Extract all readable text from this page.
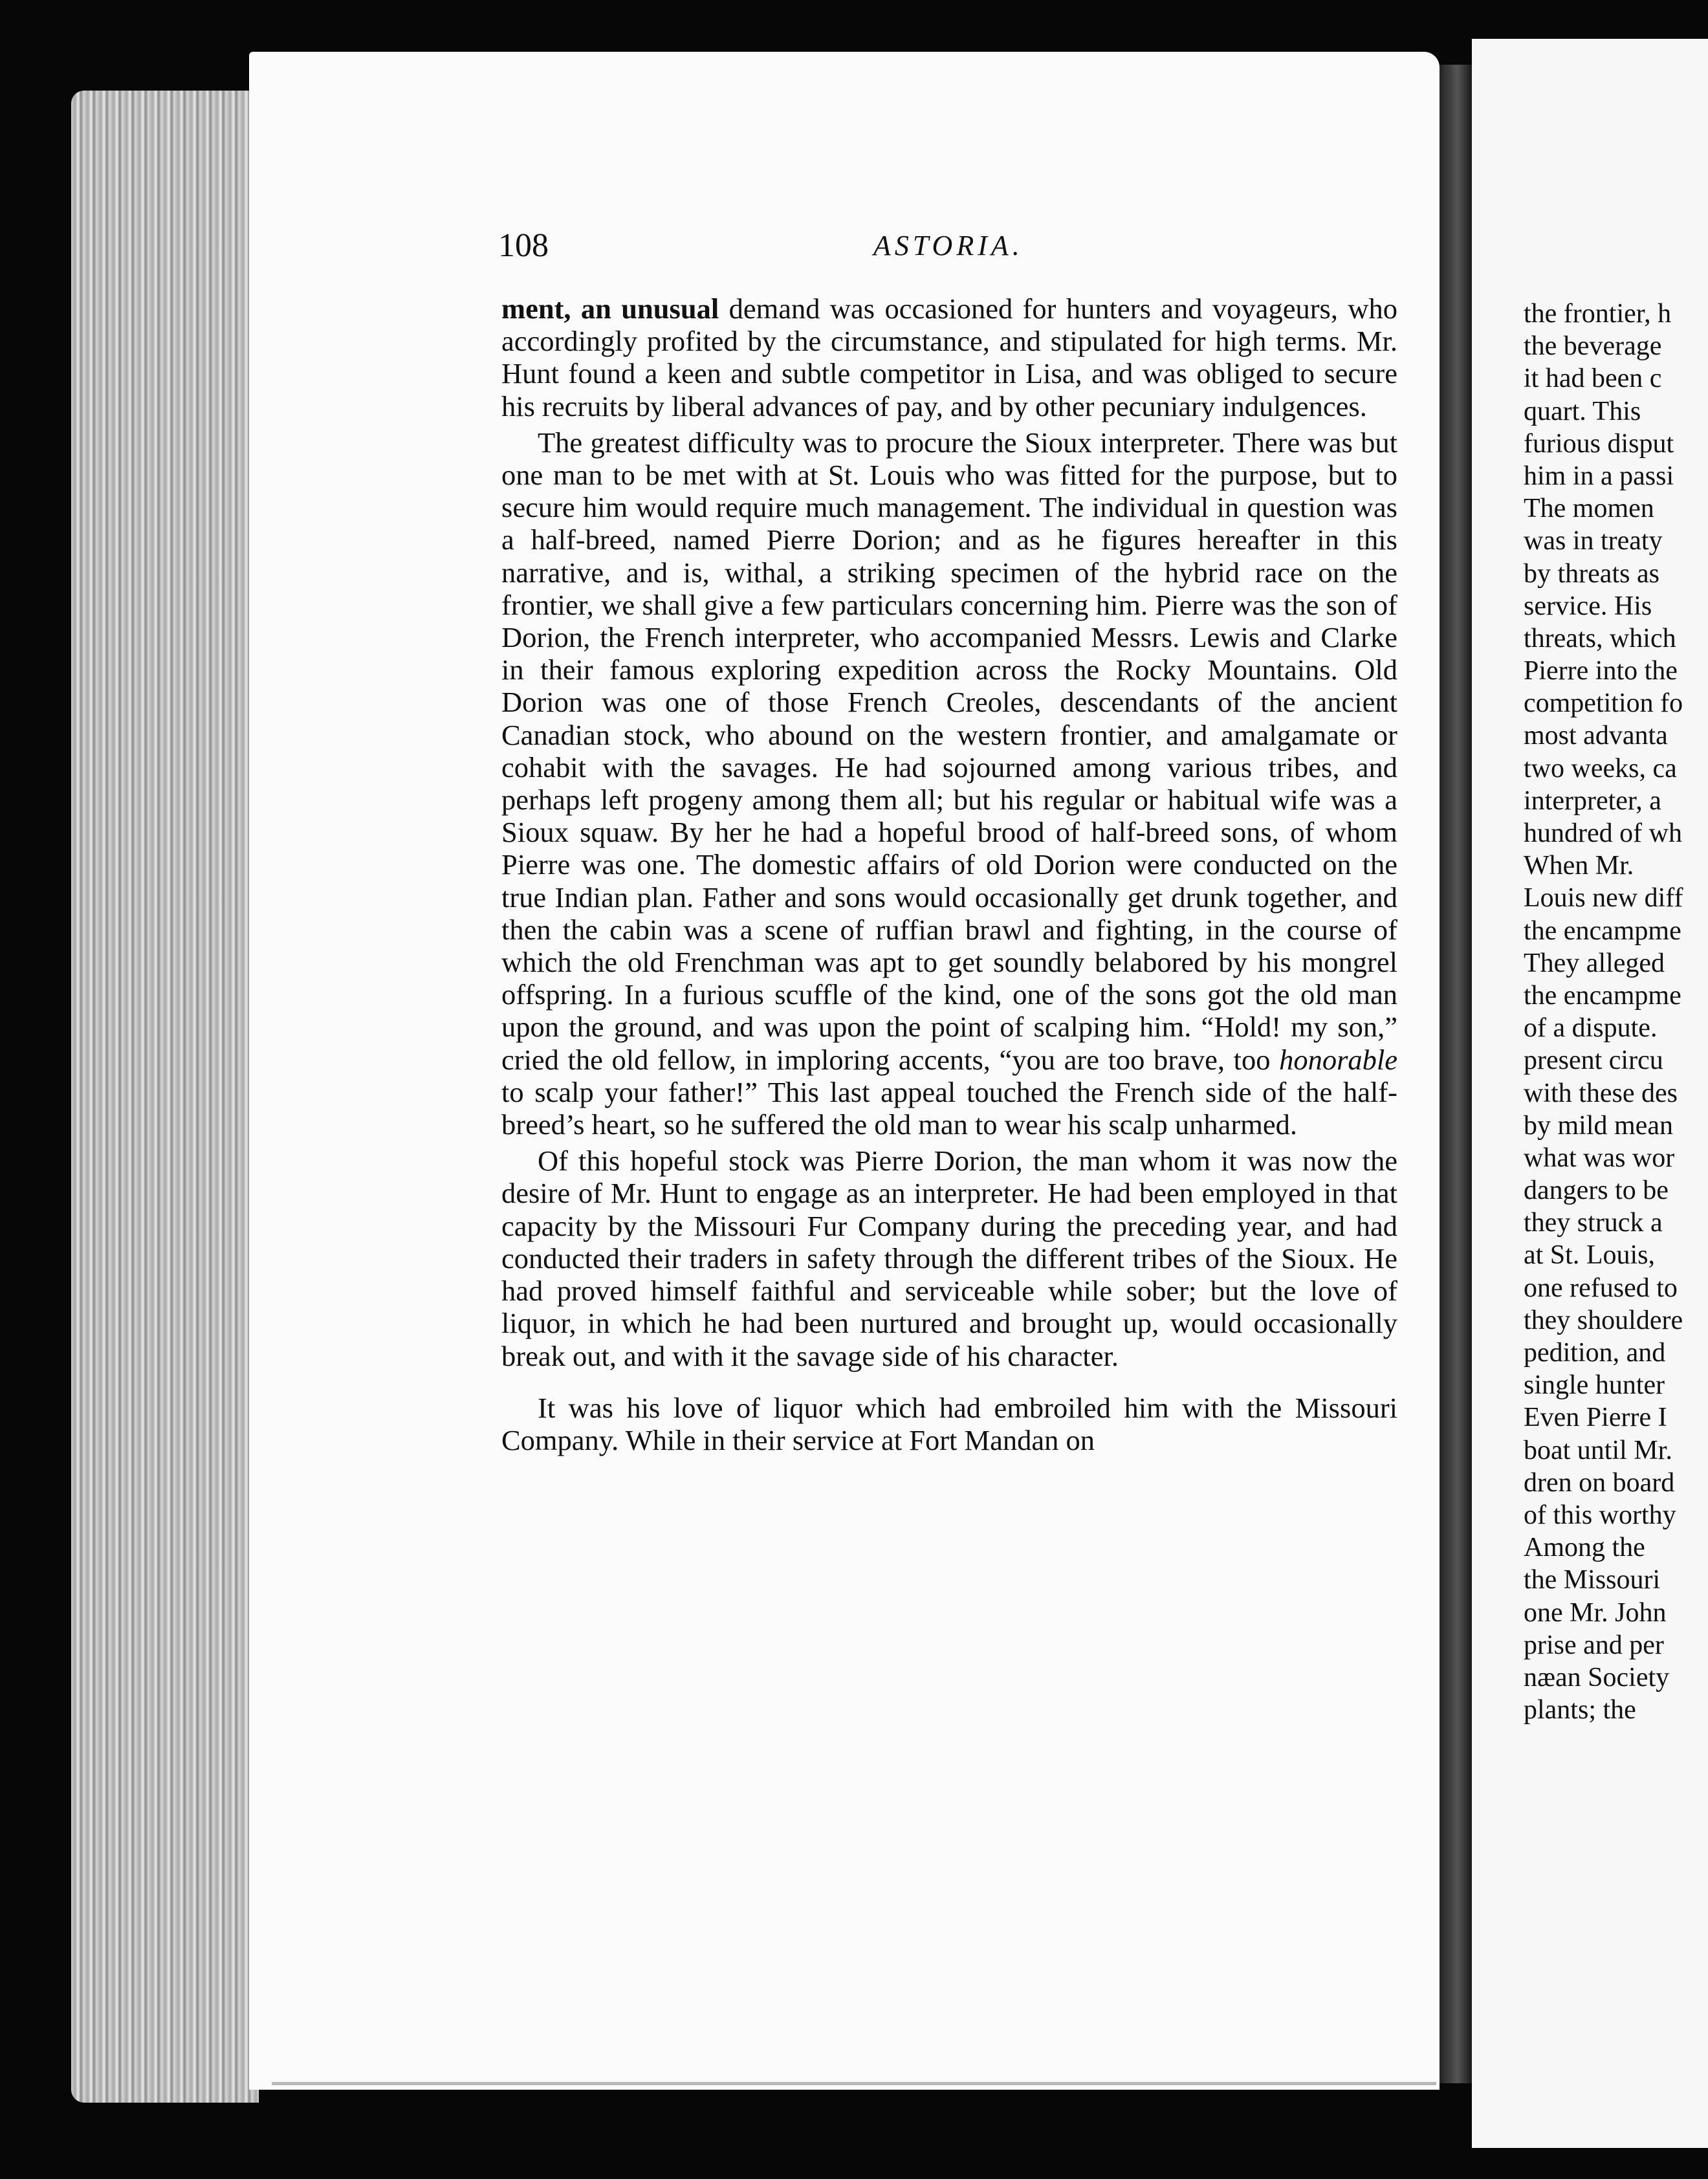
the frontier, h
the beverage
it had been c
quart. This
furious disput
him in a passi
The momen
was in treaty
by threats as
service. His
threats, which
Pierre into the
competition fo
most advanta
two weeks, ca
interpreter, a
hundred of wh
When Mr.
Louis new diff
the encampme
They alleged
the encampme
of a dispute.
present circu
with these des
by mild mean
what was wor
dangers to be
they struck a
at St. Louis,
one refused to
they shouldere
pedition, and
single hunter
Even Pierre I
boat until Mr.
dren on board
of this worthy
Among the
the Missouri
one Mr. John
prise and per
næan Society
plants; the
108	ASTORIA.

ment, an unusual demand was occasioned for hunters and voyageurs, who accordingly profited by the circumstance, and stipulated for high terms. Mr. Hunt found a keen and subtle competitor in Lisa, and was obliged to secure his recruits by liberal advances of pay, and by other pecuniary indulgences.

The greatest difficulty was to procure the Sioux interpreter. There was but one man to be met with at St. Louis who was fitted for the purpose, but to secure him would require much management. The individual in question was a half-breed, named Pierre Dorion; and as he figures hereafter in this narrative, and is, withal, a striking specimen of the hybrid race on the frontier, we shall give a few particulars concerning him. Pierre was the son of Dorion, the French interpreter, who accompanied Messrs. Lewis and Clarke in their famous exploring expedition across the Rocky Mountains. Old Dorion was one of those French Creoles, descendants of the ancient Canadian stock, who abound on the western frontier, and amalgamate or cohabit with the savages. He had sojourned among various tribes, and perhaps left progeny among them all; but his regular or habitual wife was a Sioux squaw. By her he had a hopeful brood of half-breed sons, of whom Pierre was one. The domestic affairs of old Dorion were conducted on the true Indian plan. Father and sons would occasionally get drunk together, and then the cabin was a scene of ruffian brawl and fighting, in the course of which the old Frenchman was apt to get soundly belabored by his mongrel offspring. In a furious scuffle of the kind, one of the sons got the old man upon the ground, and was upon the point of scalping him. “Hold! my son,” cried the old fellow, in imploring accents, “you are too brave, too honorable to scalp your father!” This last appeal touched the French side of the half-breed’s heart, so he suffered the old man to wear his scalp unharmed.

Of this hopeful stock was Pierre Dorion, the man whom it was now the desire of Mr. Hunt to engage as an interpreter. He had been employed in that capacity by the Missouri Fur Company during the preceding year, and had conducted their traders in safety through the different tribes of the Sioux. He had proved himself faithful and serviceable while sober; but the love of liquor, in which he had been nurtured and brought up, would occasionally break out, and with it the savage side of his character.

It was his love of liquor which had embroiled him with the Missouri Company. While in their service at Fort Mandan on
